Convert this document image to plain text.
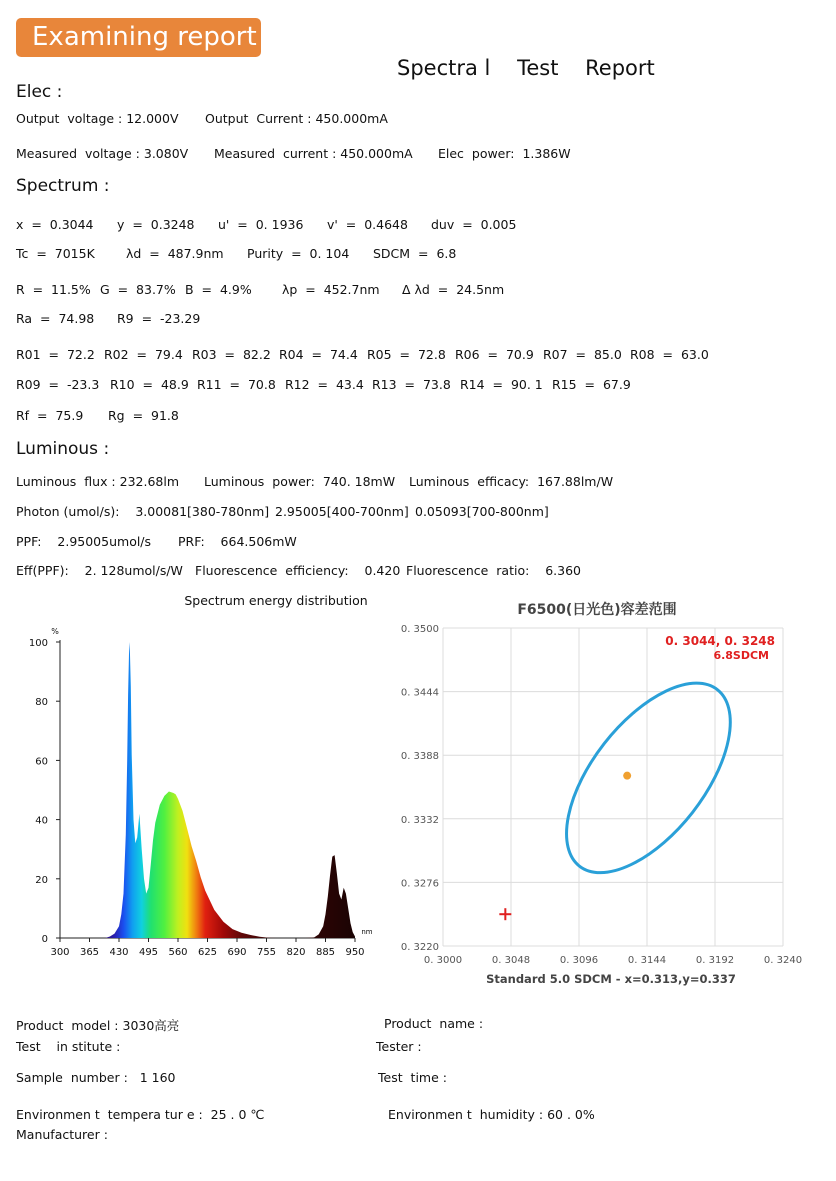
Examining report
Spectra l    Test    Report
Elec :
Output  voltage : 12.000V Output  Current : 450.000mA
Measured  voltage : 3.080V Measured  current : 450.000mA Elec  power:  1.386W
Spectrum :
x  =  0.3044 y  =  0.3248 u'  =  0. 1936 v'  =  0.4648 duv  =  0.005
Tc  =  7015K λd  =  487.9nm Purity  =  0. 104 SDCM  =  6.8
R  =  11.5% G  =  83.7% B  =  4.9% λp  =  452.7nm Δ λd  =  24.5nm
Ra  =  74.98 R9  =  -23.29
R01  =  72.2 R02  =  79.4 R03  =  82.2 R04  =  74.4 R05  =  72.8 R06  =  70.9 R07  =  85.0 R08  =  63.0
R09  =  -23.3 R10  =  48.9 R11  =  70.8 R12  =  43.4 R13  =  73.8 R14  =  90. 1 R15  =  67.9
Rf  =  75.9 Rg  =  91.8
Luminous :
Luminous  flux : 232.68lm Luminous  power:  740. 18mW Luminous  efficacy:  167.88lm/W
Photon (umol/s):    3.00081[380-780nm] 2.95005[400-700nm] 0.05093[700-800nm]
PPF:    2.95005umol/s PRF:    664.506mW
Eff(PPF):    2. 128umol/s/W Fluorescence  efficiency:    0.420 Fluorescence  ratio:    6.360
0
20
40
60
80
100
300 365 430 495 560 625 690 755 820 885 950
%
nm
Spectrum energy distribution
F6500(日光色)容差范围
0. 3000	0. 3048	0. 3096	0. 3144	0. 3192	0. 3240
0. 3500
0. 3444
0. 3388
0. 3332
0. 3276
0. 3220
Standard 5.0 SDCM - x=0.313,y=0.337
0. 3044, 0. 3248
6.8SDCM
Product  model : 3030高亮	Product  name :
Test    in stitute :	Tester :
Sample  number :   1 160	Test  time :
Environmen t  tempera tur e :  25 . 0 ℃	Environmen t  humidity : 60 . 0%
Manufacturer :
